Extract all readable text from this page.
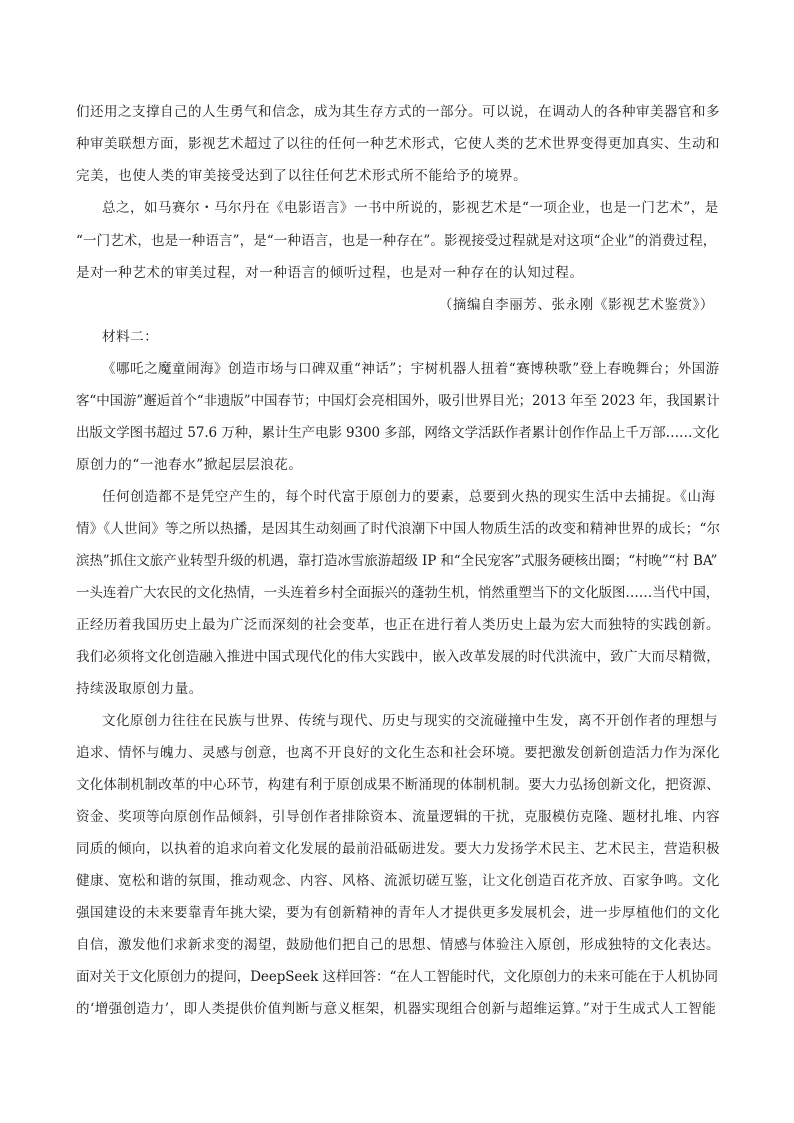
们还用之支撑自己的人生勇气和信念，成为其生存方式的一部分。可以说，在调动人的各种审美器官和多
种审美联想方面，影视艺术超过了以往的任何一种艺术形式，它使人类的艺术世界变得更加真实、生动和
完美，也使人类的审美接受达到了以往任何艺术形式所不能给予的境界。
总之，如马赛尔・马尔丹在《电影语言》一书中所说的，影视艺术是“一项企业，也是一门艺术”，是
“一门艺术，也是一种语言”，是“一种语言，也是一种存在”。影视接受过程就是对这项“企业”的消费过程，
是对一种艺术的审美过程，对一种语言的倾听过程，也是对一种存在的认知过程。
（摘编自李丽芳、张永刚《影视艺术鉴赏》）
材料二：
《哪吒之魔童闹海》创造市场与口碑双重“神话”；宇树机器人扭着“赛博秧歌”登上春晚舞台；外国游
客“中国游”邂逅首个“非遗版”中国春节；中国灯会亮相国外，吸引世界目光；2013 年至 2023 年，我国累计
出版文学图书超过 57.6 万种，累计生产电影 9300 多部，网络文学活跃作者累计创作作品上千万部……文化
原创力的“一池春水”掀起层层浪花。
任何创造都不是凭空产生的，每个时代富于原创力的要素，总要到火热的现实生活中去捕捉。《山海
情》《人世间》等之所以热播，是因其生动刻画了时代浪潮下中国人物质生活的改变和精神世界的成长；“尔
滨热”抓住文旅产业转型升级的机遇，靠打造冰雪旅游超级 IP 和“全民宠客”式服务硬核出圈；“村晚”“村 BA”
一头连着广大农民的文化热情，一头连着乡村全面振兴的蓬勃生机，悄然重塑当下的文化版图……当代中国，
正经历着我国历史上最为广泛而深刻的社会变革，也正在进行着人类历史上最为宏大而独特的实践创新。
我们必须将文化创造融入推进中国式现代化的伟大实践中，嵌入改革发展的时代洪流中，致广大而尽精微，
持续汲取原创力量。
文化原创力往往在民族与世界、传统与现代、历史与现实的交流碰撞中生发，离不开创作者的理想与
追求、情怀与魄力、灵感与创意，也离不开良好的文化生态和社会环境。要把激发创新创造活力作为深化
文化体制机制改革的中心环节，构建有利于原创成果不断涌现的体制机制。要大力弘扬创新文化，把资源、
资金、奖项等向原创作品倾斜，引导创作者排除资本、流量逻辑的干扰，克服模仿克隆、题材扎堆、内容
同质的倾向，以执着的追求向着文化发展的最前沿砥砺进发。要大力发扬学术民主、艺术民主，营造积极
健康、宽松和谐的氛围，推动观念、内容、风格、流派切磋互鉴，让文化创造百花齐放、百家争鸣。文化
强国建设的未来要靠青年挑大梁，要为有创新精神的青年人才提供更多发展机会，进一步厚植他们的文化
自信，激发他们求新求变的渴望，鼓励他们把自己的思想、情感与体验注入原创，形成独特的文化表达。
面对关于文化原创力的提问，DeepSeek 这样回答：“在人工智能时代，文化原创力的未来可能在于人机协同
的‘增强创造力’，即人类提供价值判断与意义框架，机器实现组合创新与超维运算。”对于生成式人工智能
